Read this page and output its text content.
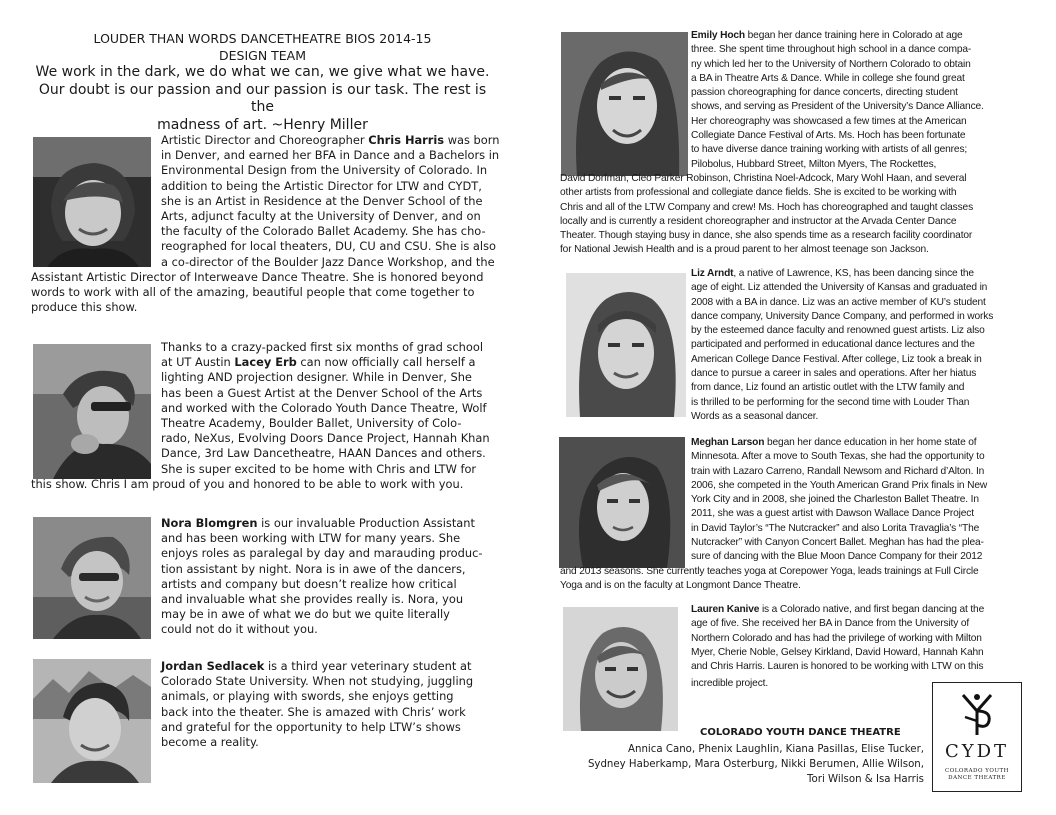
LOUDER THAN WORDS DANCETHEATRE BIOS 2014-15
DESIGN TEAM
We work in the dark, we do what we can, we give what we have.
Our doubt is our passion and our passion is our task. The rest is the
madness of art. ~Henry Miller
Artistic Director and Choreographer Chris Harris was born
in Denver, and earned her BFA in Dance and a Bachelors in
Environmental Design from the University of Colorado. In
addition to being the Artistic Director for LTW and CYDT,
she is an Artist in Residence at the Denver School of the
Arts, adjunct faculty at the University of Denver, and on
the faculty of the Colorado Ballet Academy. She has cho-
reographed for local theaters, DU, CU and CSU. She is also
a co-director of the Boulder Jazz Dance Workshop, and the
Assistant Artistic Director of Interweave Dance Theatre. She is honored beyond
words to work with all of the amazing, beautiful people that come together to
produce this show.
Thanks to a crazy-packed first six months of grad school
at UT Austin Lacey Erb can now officially call herself a
lighting AND projection designer. While in Denver, She
has been a Guest Artist at the Denver School of the Arts
and worked with the Colorado Youth Dance Theatre, Wolf
Theatre Academy, Boulder Ballet, University of Colo-
rado, NeXus, Evolving Doors Dance Project, Hannah Khan
Dance, 3rd Law Dancetheatre, HAAN Dances and others.
She is super excited to be home with Chris and LTW for
this show. Chris I am proud of you and honored to be able to work with you.
Nora Blomgren is our invaluable Production Assistant
and has been working with LTW for many years. She
enjoys roles as paralegal by day and marauding produc-
tion assistant by night. Nora is in awe of the dancers,
artists and company but doesn’t realize how critical
and invaluable what she provides really is. Nora, you
may be in awe of what we do but we quite literally
could not do it without you.
Jordan Sedlacek is a third year veterinary student at
Colorado State University. When not studying, juggling
animals, or playing with swords, she enjoys getting
back into the theater. She is amazed with Chris’ work
and grateful for the opportunity to help LTW’s shows
become a reality.
Emily Hoch began her dance training here in Colorado at age
three. She spent time throughout high school in a dance compa-
ny which led her to the University of Northern Colorado to obtain
a BA in Theatre Arts & Dance. While in college she found great
passion choreographing for dance concerts, directing student
shows, and serving as President of the University’s Dance Alliance.
Her choreography was showcased a few times at the American
Collegiate Dance Festival of Arts. Ms. Hoch has been fortunate
to have diverse dance training working with artists of all genres;
Pilobolus, Hubbard Street, Milton Myers, The Rockettes,
David Dorfman, Cleo Parker Robinson, Christina Noel-Adcock, Mary Wohl Haan, and several
other artists from professional and collegiate dance fields. She is excited to be working with
Chris and all of the LTW Company and crew! Ms. Hoch has choreographed and taught classes
locally and is currently a resident choreographer and instructor at the Arvada Center Dance
Theater. Though staying busy in dance, she also spends time as a research facility coordinator
for National Jewish Health and is a proud parent to her almost teenage son Jackson.
Liz Arndt, a native of Lawrence, KS, has been dancing since the
age of eight. Liz attended the University of Kansas and graduated in
2008 with a BA in dance. Liz was an active member of KU’s student
dance company, University Dance Company, and performed in works
by the esteemed dance faculty and renowned guest artists. Liz also
participated and performed in educational dance lectures and the
American College Dance Festival. After college, Liz took a break in
dance to pursue a career in sales and operations. After her hiatus
from dance, Liz found an artistic outlet with the LTW family and
is thrilled to be performing for the second time with Louder Than
Words as a seasonal dancer.
Meghan Larson began her dance education in her home state of
Minnesota. After a move to South Texas, she had the opportunity to
train with Lazaro Carreno, Randall Newsom and Richard d’Alton. In
2006, she competed in the Youth American Grand Prix finals in New
York City and in 2008, she joined the Charleston Ballet Theatre. In
2011, she was a guest artist with Dawson Wallace Dance Project
in David Taylor’s “The Nutcracker” and also Lorita Travaglia’s “The
Nutcracker” with Canyon Concert Ballet. Meghan has had the plea-
sure of dancing with the Blue Moon Dance Company for their 2012
and 2013 seasons. She currently teaches yoga at Corepower Yoga, leads trainings at Full Circle
Yoga and is on the faculty at Longmont Dance Theatre.
Lauren Kanive is a Colorado native, and first began dancing at the
age of five. She received her BA in Dance from the University of
Northern Colorado and has had the privilege of working with Milton
Myer, Cherie Noble, Gelsey Kirkland, David Howard, Hannah Kahn
and Chris Harris. Lauren is honored to be working with LTW on this
incredible project.
COLORADO YOUTH DANCE THEATRE
Annica Cano, Phenix Laughlin, Kiana Pasillas, Elise Tucker,
Sydney Haberkamp, Mara Osterburg, Nikki Berumen, Allie Wilson,
Tori Wilson & Isa Harris
CYDT
COLORADO YOUTH
DANCE THEATRE
